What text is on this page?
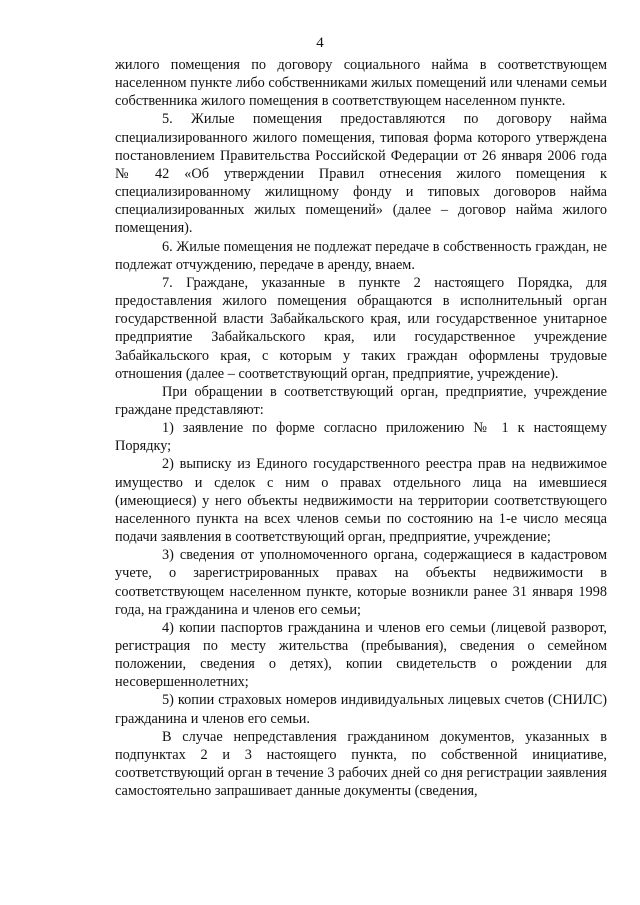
4

жилого помещения по договору социального найма в соответствующем населенном пункте либо собственниками жилых помещений или членами семьи собственника жилого помещения в соответствующем населенном пункте.

5. Жилые помещения предоставляются по договору найма специализированного жилого помещения, типовая форма которого утверждена постановлением Правительства Российской Федерации от 26 января 2006 года № 42 «Об утверждении Правил отнесения жилого помещения к специализированному жилищному фонду и типовых договоров найма специализированных жилых помещений» (далее – договор найма жилого помещения).

6. Жилые помещения не подлежат передаче в собственность граждан, не подлежат отчуждению, передаче в аренду, внаем.

7. Граждане, указанные в пункте 2 настоящего Порядка, для предоставления жилого помещения обращаются в исполнительный орган государственной власти Забайкальского края, или государственное унитарное предприятие Забайкальского края, или государственное учреждение Забайкальского края, с которым у таких граждан оформлены трудовые отношения (далее – соответствующий орган, предприятие, учреждение).

При обращении в соответствующий орган, предприятие, учреждение граждане представляют:

1) заявление по форме согласно приложению № 1 к настоящему Порядку;

2) выписку из Единого государственного реестра прав на недвижимое имущество и сделок с ним о правах отдельного лица на имевшиеся (имеющиеся) у него объекты недвижимости на территории соответствующего населенного пункта на всех членов семьи по состоянию на 1-е число месяца подачи заявления в соответствующий орган, предприятие, учреждение;

3) сведения от уполномоченного органа, содержащиеся в кадастровом учете, о зарегистрированных правах на объекты недвижимости в соответствующем населенном пункте, которые возникли ранее 31 января 1998 года, на гражданина и членов его семьи;

4) копии паспортов гражданина и членов его семьи (лицевой разворот, регистрация по месту жительства (пребывания), сведения о семейном положении, сведения о детях), копии свидетельств о рождении для несовершеннолетних;

5) копии страховых номеров индивидуальных лицевых счетов (СНИЛС) гражданина и членов его семьи.

В случае непредставления гражданином документов, указанных в подпунктах 2 и 3 настоящего пункта, по собственной инициативе, соответствующий орган в течение 3 рабочих дней со дня регистрации заявления самостоятельно запрашивает данные документы (сведения,
